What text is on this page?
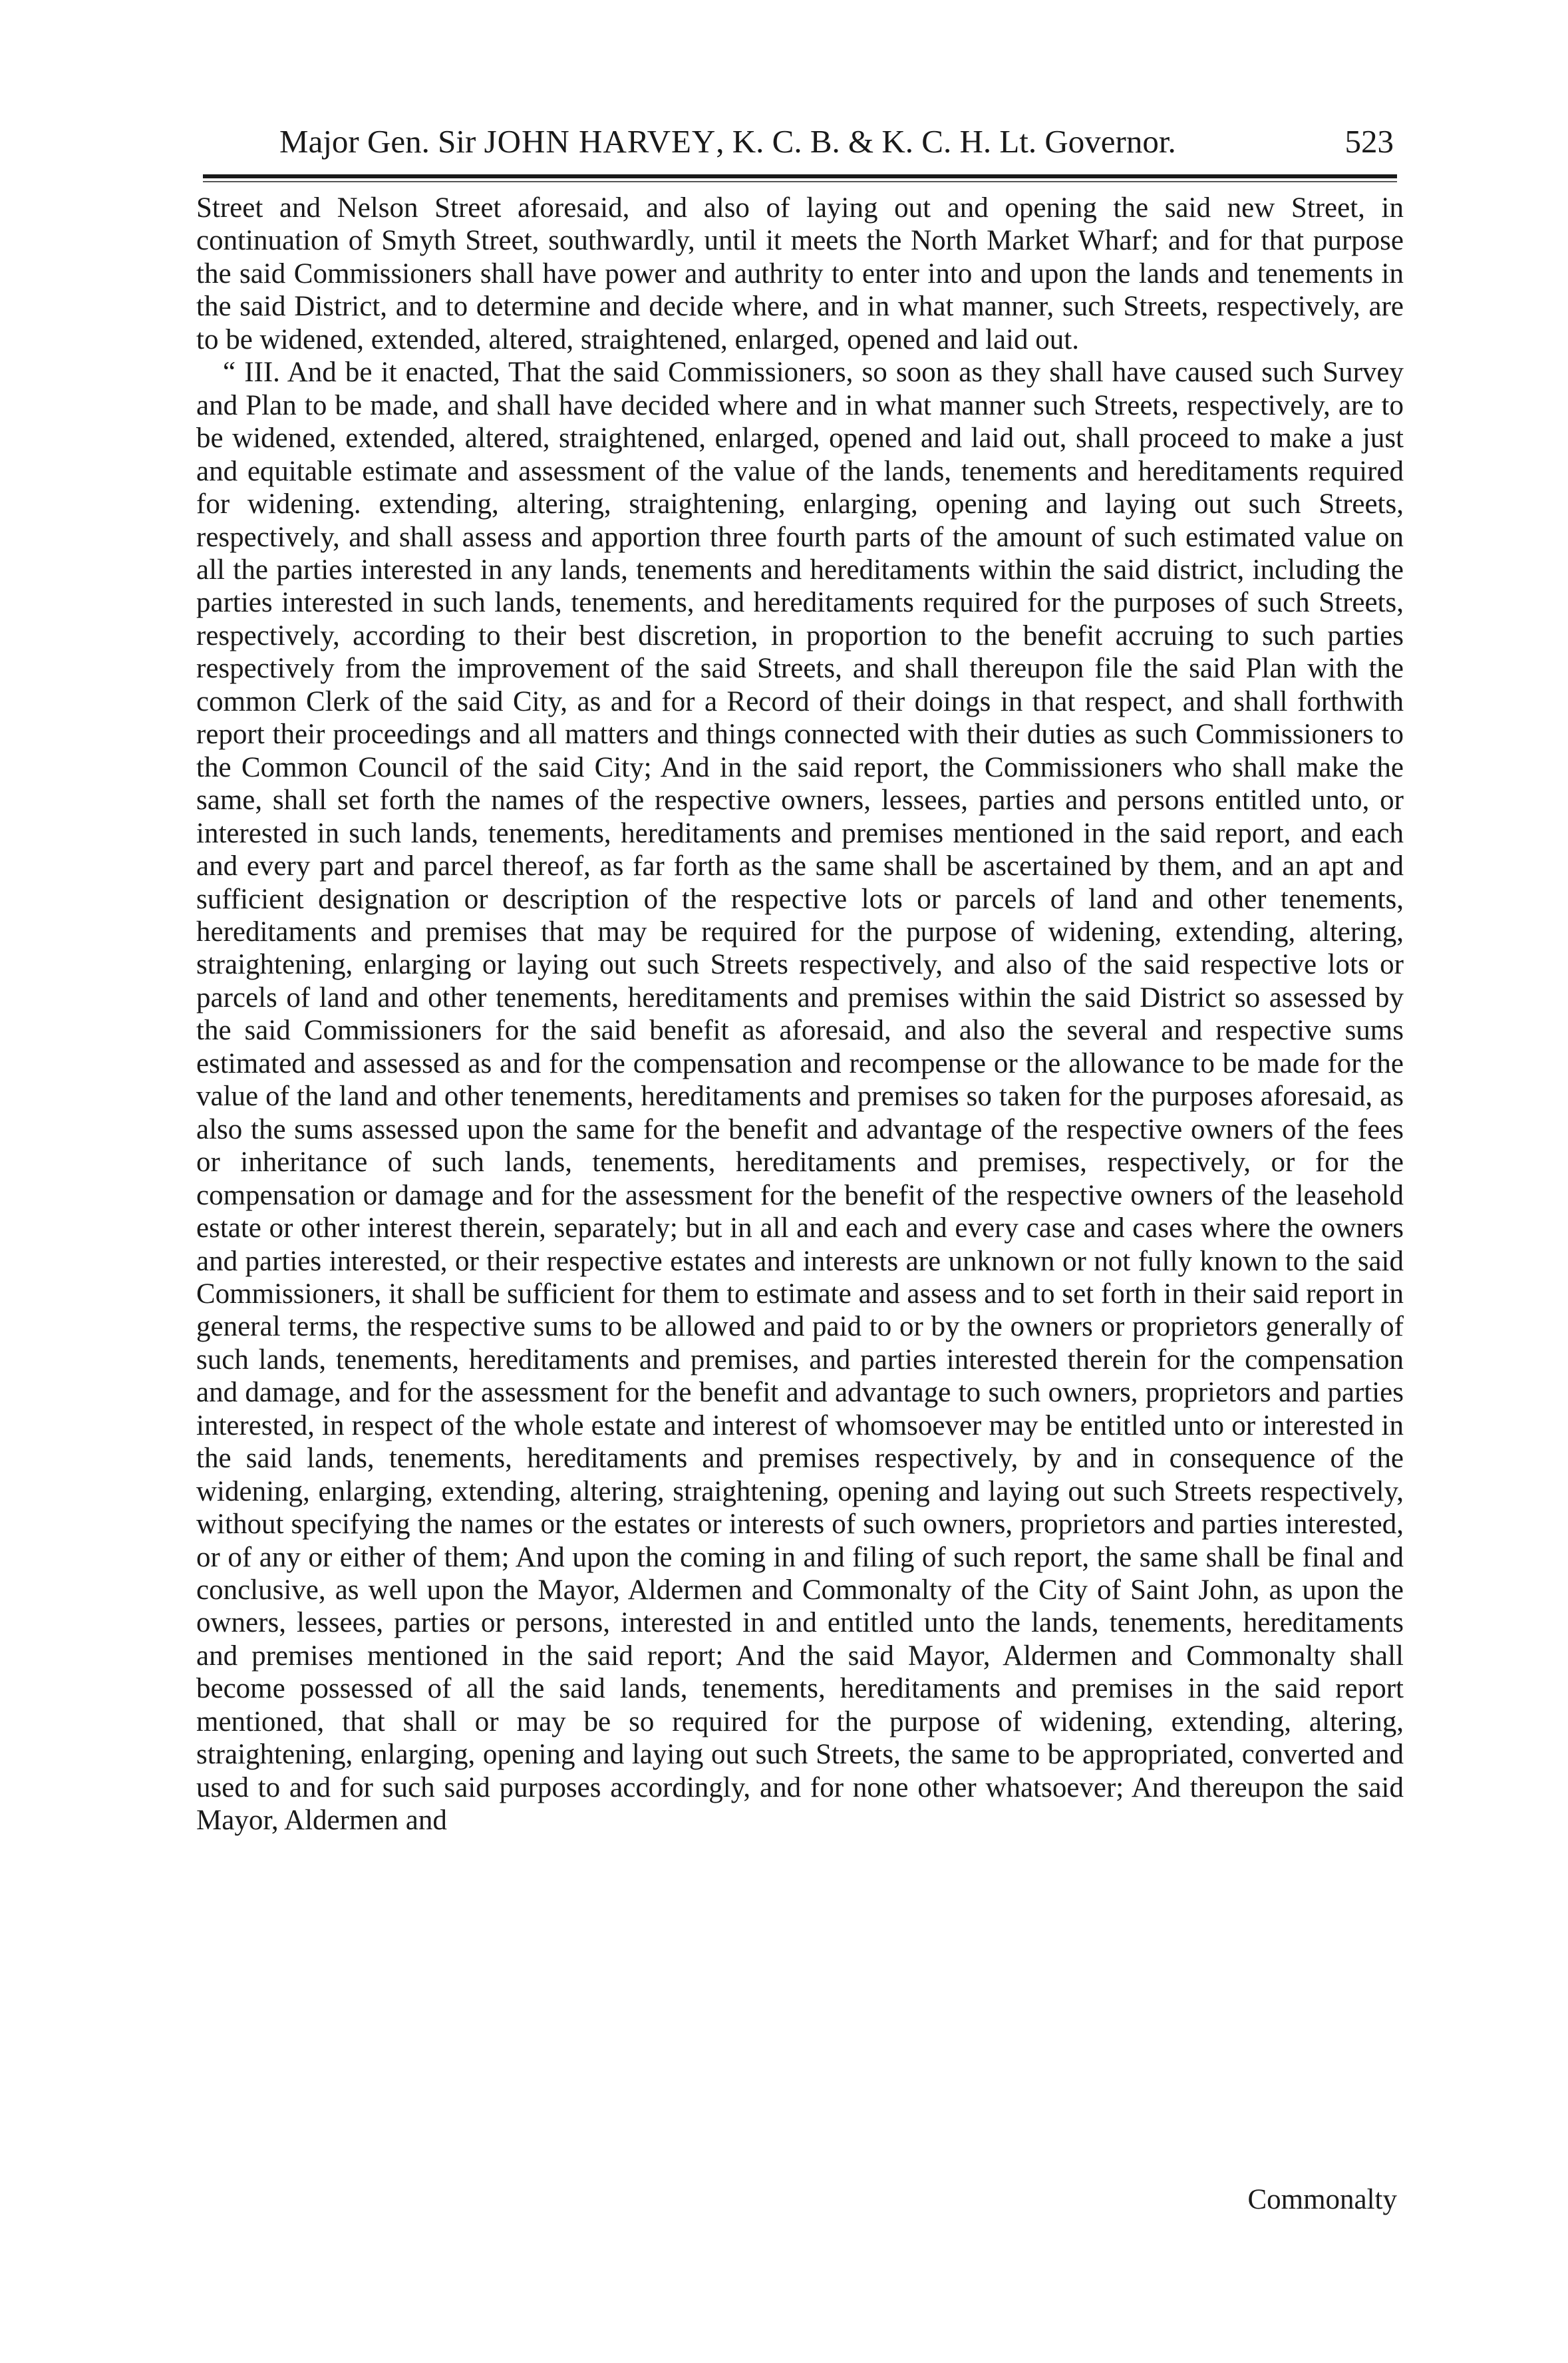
Major Gen. Sir JOHN HARVEY, K. C. B. & K. C. H. Lt. Governor.	523

Street and Nelson Street aforesaid, and also of laying out and opening the said new Street, in continuation of Smyth Street, southwardly, until it meets the North Market Wharf; and for that purpose the said Commissioners shall have power and authrity to enter into and upon the lands and tenements in the said District, and to determine and decide where, and in what manner, such Streets, respectively, are to be widened, extended, altered, straightened, enlarged, opened and laid out.

“ III. And be it enacted, That the said Commissioners, so soon as they shall have caused such Survey and Plan to be made, and shall have decided where and in what manner such Streets, respectively, are to be widened, extended, altered, straightened, enlarged, opened and laid out, shall proceed to make a just and equitable estimate and assessment of the value of the lands, tenements and hereditaments required for widening. extending, altering, straightening, enlarging, opening and laying out such Streets, respectively, and shall assess and apportion three fourth parts of the amount of such estimated value on all the parties interested in any lands, tenements and hereditaments within the said district, including the parties interested in such lands, tenements, and hereditaments required for the purposes of such Streets, respectively, according to their best discretion, in proportion to the benefit accruing to such parties respectively from the improvement of the said Streets, and shall thereupon file the said Plan with the common Clerk of the said City, as and for a Record of their doings in that respect, and shall forthwith report their proceedings and all matters and things connected with their duties as such Commissioners to the Common Council of the said City; And in the said report, the Commissioners who shall make the same, shall set forth the names of the respective owners, lessees, parties and persons entitled unto, or interested in such lands, tenements, hereditaments and premises mentioned in the said report, and each and every part and parcel thereof, as far forth as the same shall be ascertained by them, and an apt and sufficient designation or description of the respective lots or parcels of land and other tenements, hereditaments and premises that may be required for the purpose of widening, extending, altering, straightening, enlarging or laying out such Streets respectively, and also of the said respective lots or parcels of land and other tenements, hereditaments and premises within the said District so assessed by the said Commissioners for the said benefit as aforesaid, and also the several and respective sums estimated and assessed as and for the compensation and recompense or the allowance to be made for the value of the land and other tenements, hereditaments and premises so taken for the purposes aforesaid, as also the sums assessed upon the same for the benefit and advantage of the respective owners of the fees or inheritance of such lands, tenements, hereditaments and premises, respectively, or for the compensation or damage and for the assessment for the benefit of the respective owners of the leasehold estate or other interest therein, separately; but in all and each and every case and cases where the owners and parties interested, or their respective estates and interests are unknown or not fully known to the said Commissioners, it shall be sufficient for them to estimate and assess and to set forth in their said report in general terms, the respective sums to be allowed and paid to or by the owners or proprietors generally of such lands, tenements, hereditaments and premises, and parties interested therein for the compensation and damage, and for the assessment for the benefit and advantage to such owners, proprietors and parties interested, in respect of the whole estate and interest of whomsoever may be entitled unto or interested in the said lands, tenements, hereditaments and premises respectively, by and in consequence of the widening, enlarging, extending, altering, straightening, opening and laying out such Streets respectively, without specifying the names or the estates or interests of such owners, proprietors and parties interested, or of any or either of them; And upon the coming in and filing of such report, the same shall be final and conclusive, as well upon the Mayor, Aldermen and Commonalty of the City of Saint John, as upon the owners, lessees, parties or persons, interested in and entitled unto the lands, tenements, hereditaments and premises mentioned in the said report; And the said Mayor, Aldermen and Commonalty shall become possessed of all the said lands, tenements, hereditaments and premises in the said report mentioned, that shall or may be so required for the purpose of widening, extending, altering, straightening, enlarging, opening and laying out such Streets, the same to be appropriated, converted and used to and for such said purposes accordingly, and for none other whatsoever; And thereupon the said Mayor, Aldermen and

Commonalty
